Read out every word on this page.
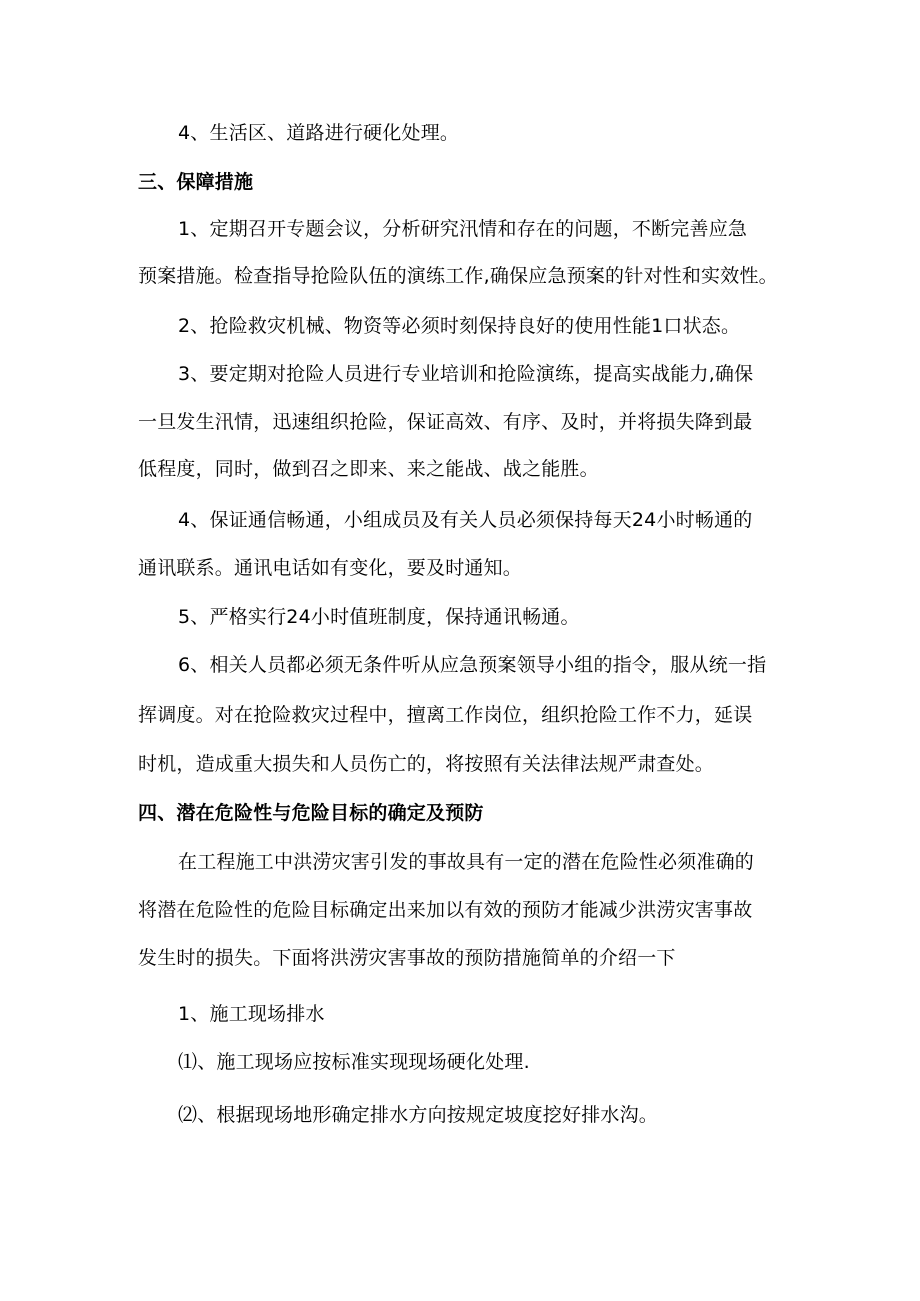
4、生活区、道路进行硬化处理。
三、保障措施
1、定期召开专题会议，分析研究汛情和存在的问题，不断完善应急
预案措施。检查指导抢险队伍的演练工作,确保应急预案的针对性和实效性。
2、抢险救灾机械、物资等必须时刻保持良好的使用性能1口状态。
3、要定期对抢险人员进行专业培训和抢险演练，提高实战能力,确保
一旦发生汛情，迅速组织抢险，保证高效、有序、及时，并将损失降到最
低程度，同时，做到召之即来、来之能战、战之能胜。
4、保证通信畅通，小组成员及有关人员必须保持每天24小时畅通的
通讯联系。通讯电话如有变化，要及时通知。
5、严格实行24小时值班制度，保持通讯畅通。
6、相关人员都必须无条件听从应急预案领导小组的指令，服从统一指
挥调度。对在抢险救灾过程中，擅离工作岗位，组织抢险工作不力，延误
时机，造成重大损失和人员伤亡的，将按照有关法律法规严肃查处。
四、潜在危险性与危险目标的确定及预防
在工程施工中洪涝灾害引发的事故具有一定的潜在危险性必须准确的
将潜在危险性的危险目标确定出来加以有效的预防才能减少洪涝灾害事故
发生时的损失。下面将洪涝灾害事故的预防措施简单的介绍一下
1、施工现场排水
⑴、施工现场应按标准实现现场硬化处理.
⑵、根据现场地形确定排水方向按规定坡度挖好排水沟。
